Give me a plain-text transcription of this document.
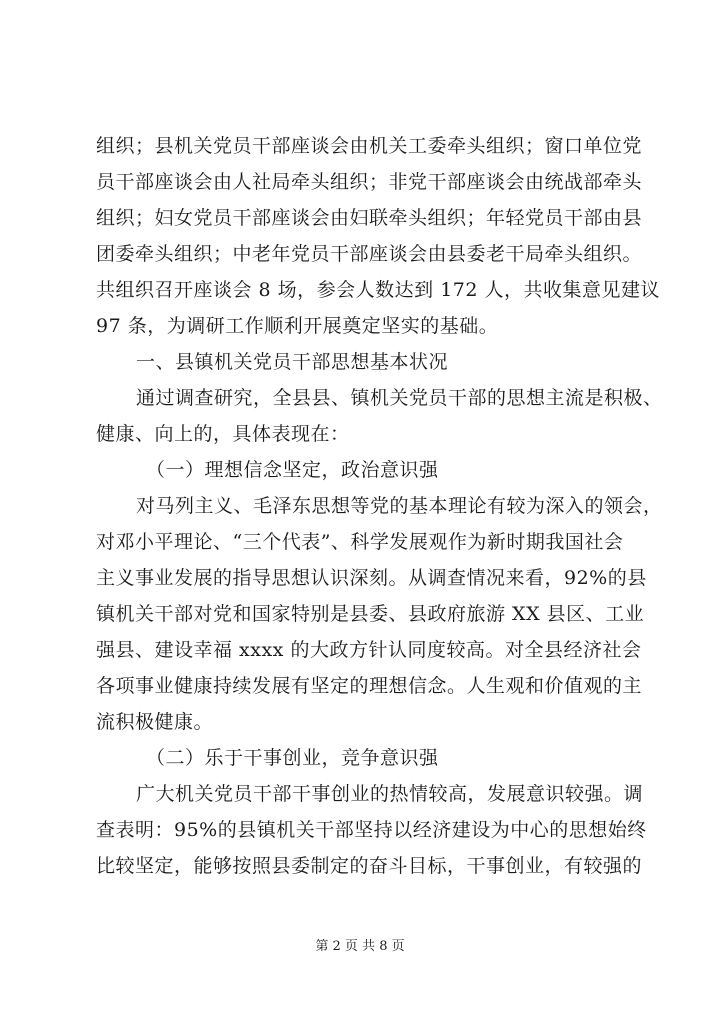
组织；县机关党员干部座谈会由机关工委牵头组织；窗口单位党
员干部座谈会由人社局牵头组织；非党干部座谈会由统战部牵头
组织；妇女党员干部座谈会由妇联牵头组织；年轻党员干部由县
团委牵头组织；中老年党员干部座谈会由县委老干局牵头组织。
共组织召开座谈会 8 场，参会人数达到 172 人，共收集意见建议
97 条，为调研工作顺利开展奠定坚实的基础。
一、县镇机关党员干部思想基本状况
通过调查研究，全县县、镇机关党员干部的思想主流是积极、
健康、向上的，具体表现在：
（一）理想信念坚定，政治意识强
对马列主义、毛泽东思想等党的基本理论有较为深入的领会，
对邓小平理论、“三个代表”、科学发展观作为新时期我国社会
主义事业发展的指导思想认识深刻。从调查情况来看，92%的县
镇机关干部对党和国家特别是县委、县政府旅游 XX 县区、工业
强县、建设幸福 xxxx 的大政方针认同度较高。对全县经济社会
各项事业健康持续发展有坚定的理想信念。人生观和价值观的主
流积极健康。
（二）乐于干事创业，竞争意识强
广大机关党员干部干事创业的热情较高，发展意识较强。调
查表明：95%的县镇机关干部坚持以经济建设为中心的思想始终
比较坚定，能够按照县委制定的奋斗目标，干事创业，有较强的
第 2 页 共 8 页
